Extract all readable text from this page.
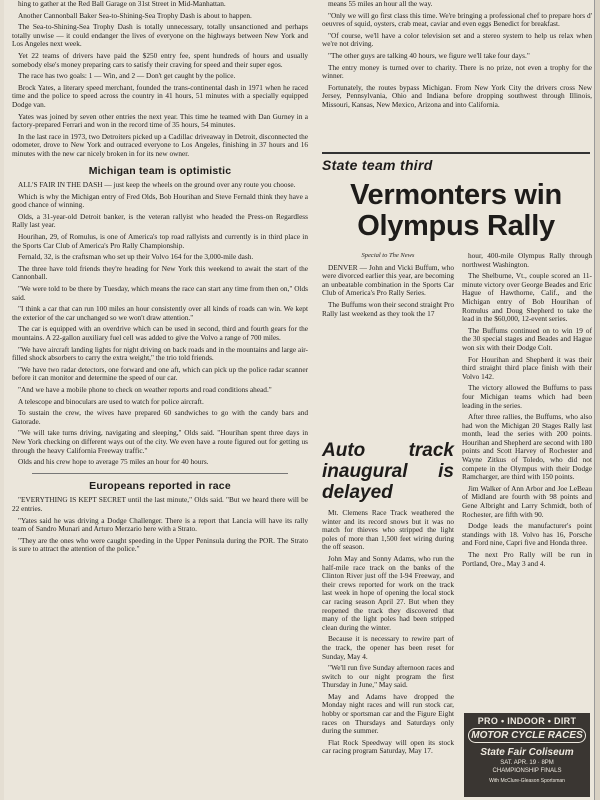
hing to gather at the Red Ball Garage on 31st Street in Mid-Manhattan.

Another Cannonball Baker Sea-to-Shining-Sea Trophy Dash is about to happen.

The Sea-to-Shining-Sea Trophy Dash is totally unnecessary, totally unsanctioned and perhaps totally unwise — it could endanger the lives of everyone on the highways between New York and Los Angeles next week.

Yet 22 teams of drivers have paid the $250 entry fee, spent hundreds of hours and usually somebody else's money preparing cars to satisfy their craving for speed and their super egos.

The race has two goals: 1 — Win, and 2 — Don't get caught by the police.

Brock Yates, a literary speed merchant, founded the trans-continental dash in 1971 when he raced time and the police to speed across the country in 41 hours, 51 minutes with a specially equipped Dodge van.

Yates was joined by seven other entries the next year. This time he teamed with Dan Gurney in a factory-prepared Ferrari and won in the record time of 35 hours, 54 minutes.

In the last race in 1973, two Detroiters picked up a Cadillac driveaway in Detroit, disconnected the odometer, drove to New York and outraced everyone to Los Angeles, finishing in 37 hours and 16 minutes with the new car nicely broken in for its new owner.

Michigan team is optimistic

ALL'S FAIR IN THE DASH — just keep the wheels on the ground over any route you choose.

Which is why the Michigan entry of Fred Olds, Bob Hourihan and Steve Fernald think they have a good chance of winning.

Olds, a 31-year-old Detroit banker, is the veteran rallyist who headed the Press-on Regardless Rally last year.

Hourihan, 29, of Romulus, is one of America's top road rallyists and currently is in third place in the Sports Car Club of America's Pro Rally Championship.

Fernald, 32, is the craftsman who set up their Volvo 164 for the 3,000-mile dash.

The three have told friends they're heading for New York this weekend to await the start of the Cannonball.

"We were told to be there by Tuesday, which means the race can start any time from then on," Olds said.

"I think a car that can run 100 miles an hour consistently over all kinds of roads can win. We kept the exterior of the car unchanged so we won't draw attention."

The car is equipped with an overdrive which can be used in second, third and fourth gears for the mountains. A 22-gallon auxiliary fuel cell was added to give the Volvo a range of 700 miles.

"We have aircraft landing lights for night driving on back roads and in the mountains and large air-filled shock absorbers to carry the extra weight," the trio told friends.

"We have two radar detectors, one forward and one aft, which can pick up the police radar scanner before it can monitor and determine the speed of our car.

"And we have a mobile phone to check on weather reports and road conditions ahead."

A telescope and binoculars are used to watch for police aircraft.

To sustain the crew, the wives have prepared 60 sandwiches to go with the candy bars and Gatorade.

"We will take turns driving, navigating and sleeping," Olds said. "Hourihan spent three days in New York checking on different ways out of the city. We even have a route figured out for getting us through the heavy California Freeway traffic."

Olds and his crew hope to average 75 miles an hour for 40 hours.

Europeans reported in race

"EVERYTHING IS KEPT SECRET until the last minute," Olds said. "But we heard there will be 22 entries.

"Yates said he was driving a Dodge Challenger. There is a report that Lancia will have its rally team of Sandro Munari and Arturo Merzario here with a Strato.

"They are the ones who were caught speeding in the Upper Peninsula during the POR. The Strato is sure to attract the attention of the police."

means 55 miles an hour all the way.

"Only we will go first class this time. We're bringing a professional chef to prepare hors d' oeuvres of squid, oysters, crab meat, caviar and even eggs Benedict for breakfast.

"Of course, we'll have a color television set and a stereo system to help us relax when we're not driving.

"The other guys are talking 40 hours, we figure we'll take four days."

The entry money is turned over to charity. There is no prize, not even a trophy for the winner.

Fortunately, the routes bypass Michigan. From New York City the drivers cross New Jersey, Pennsylvania, Ohio and Indiana before dropping southwest through Illinois, Missouri, Kansas, New Mexico, Arizona and into California.

State team third
Vermonters win Olympus Rally

Special to The News

DENVER — John and Vicki Buffum, who were divorced earlier this year, are becoming an unbeatable combination in the Sports Car Club of America's Pro Rally Series.

The Buffums won their second straight Pro Rally last weekend as they took the 17

Auto track inaugural is delayed

Mt. Clemens Race Track weathered the winter and its record snows but it was no match for thieves who stripped the light poles of more than 1,500 feet wiring during the off season.

John May and Sonny Adams, who run the half-mile race track on the banks of the Clinton River just off the I-94 Freeway, and their crews reported for work on the track last week in hope of opening the local stock car racing season April 27. But when they reopened the track they discovered that many of the light poles had been stripped clean during the winter.

Because it is necessary to rewire part of the track, the opener has been reset for Sunday, May 4.

"We'll run five Sunday afternoon races and switch to our night program the first Thursday in June," May said.

May and Adams have dropped the Monday night races and will run stock car, hobby or sportsman car and the Figure Eight races on Thursdays and Saturdays only during the summer.

Flat Rock Speedway will open its stock car racing program Saturday, May 17.

hour, 400-mile Olympus Rally through northwest Washington.

The Shelburne, Vt., couple scored an 11-minute victory over George Beades and Eric Hague of Hawthorne, Calif., and the Michigan entry of Bob Hourihan of Romulus and Doug Shepherd to take the lead in the $60,000, 12-event series.

The Buffums continued on to win 19 of the 30 special stages and Beades and Hague won six with their Dodge Colt.

For Hourihan and Shepherd it was their third straight third place finish with their Volvo 142.

The victory allowed the Buffums to pass four Michigan teams which had been leading in the series.

After three rallies, the Buffums, who also had won the Michigan 20 Stages Rally last month, lead the series with 200 points. Hourihan and Shepherd are second with 180 points and Scott Harvey of Rochester and Wayne Zitkus of Toledo, who did not compete in the Olympus with their Dodge Ramcharger, are third with 150 points.

Jim Walker of Ann Arbor and Joe LeBeau of Midland are fourth with 98 points and Gene Albright and Larry Schmidt, both of Rochester, are fifth with 90.

Dodge leads the manufacturer's point standings with 18. Volvo has 16, Porsche and Ford nine, Capri five and Honda three.

The next Pro Rally will be run in Portland, Ore., May 3 and 4.

PRO • INDOOR • DIRT
MOTOR CYCLE RACES
State Fair Coliseum
SAT. APR. 19 · 8PM
CHAMPIONSHIP FINALS
With McClure-Gleason Sportsman
